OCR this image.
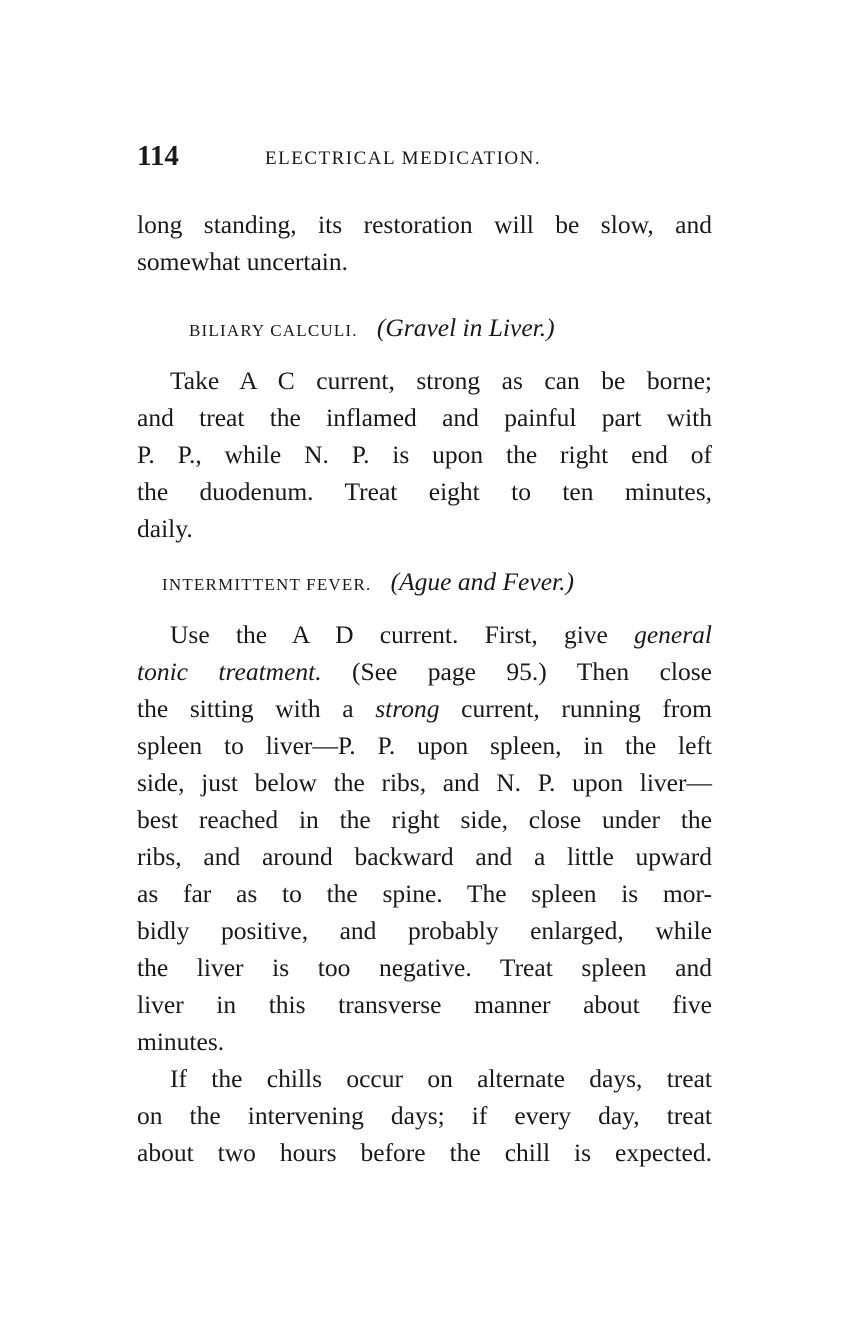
114	ELECTRICAL MEDICATION.
long standing, its restoration will be slow, and
somewhat uncertain.
BILIARY CALCULI. (Gravel in Liver.)
Take A C current, strong as can be borne;
and treat the inflamed and painful part with
P. P., while N. P. is upon the right end of
the duodenum. Treat eight to ten minutes,
daily.
INTERMITTENT FEVER. (Ague and Fever.)
Use the A D current. First, give general
tonic treatment. (See page 95.) Then close
the sitting with a strong current, running from
spleen to liver—P. P. upon spleen, in the left
side, just below the ribs, and N. P. upon liver—
best reached in the right side, close under the
ribs, and around backward and a little upward
as far as to the spine. The spleen is mor-
bidly positive, and probably enlarged, while
the liver is too negative. Treat spleen and
liver in this transverse manner about five
minutes.
If the chills occur on alternate days, treat
on the intervening days; if every day, treat
about two hours before the chill is expected.
